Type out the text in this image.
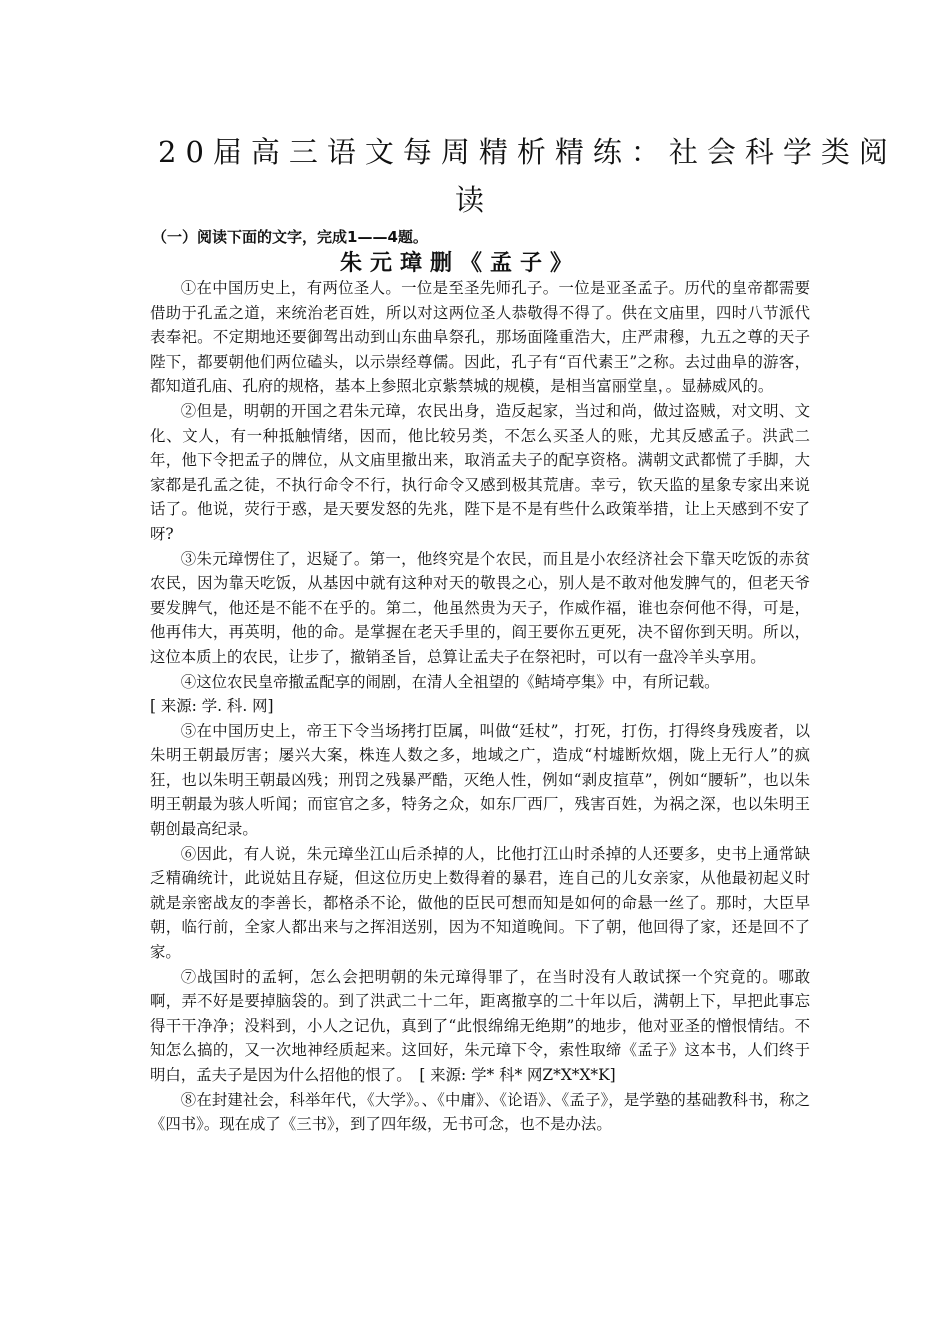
20届高三语文每周精析精练：社会科学类阅
读
（一）阅读下面的文字，完成1——4题。
朱元璋删《孟子》

①在中国历史上，有两位圣人。一位是至圣先师孔子。一位是亚圣孟子。历代的皇帝都需要借助于孔孟之道，来统治老百姓，所以对这两位圣人恭敬得不得了。供在文庙里，四时八节派代表奉祀。不定期地还要御驾出动到山东曲阜祭孔，那场面隆重浩大，庄严肃穆，九五之尊的天子陛下，都要朝他们两位磕头，以示崇经尊儒。因此，孔子有“百代素王”之称。去过曲阜的游客，都知道孔庙、孔府的规格，基本上参照北京紫禁城的规模，是相当富丽堂皇，。显赫威风的。

②但是，明朝的开国之君朱元璋，农民出身，造反起家，当过和尚，做过盗贼，对文明、文化、文人，有一种抵触情绪，因而，他比较另类，不怎么买圣人的账，尤其反感孟子。洪武二年，他下令把孟子的牌位，从文庙里撤出来，取消孟夫子的配享资格。满朝文武都慌了手脚，大家都是孔孟之徒，不执行命令不行，执行命令又感到极其荒唐。幸亏，钦天监的星象专家出来说话了。他说，荧行于惑，是天要发怒的先兆，陛下是不是有些什么政策举措，让上天感到不安了呀?

③朱元璋愣住了，迟疑了。第一，他终究是个农民，而且是小农经济社会下靠天吃饭的赤贫农民，因为靠天吃饭，从基因中就有这种对天的敬畏之心，别人是不敢对他发脾气的，但老天爷要发脾气，他还是不能不在乎的。第二，他虽然贵为天子，作威作福，谁也奈何他不得，可是，他再伟大，再英明，他的命。是掌握在老天手里的，阎王要你五更死，决不留你到天明。所以，这位本质上的农民，让步了，撤销圣旨，总算让孟夫子在祭祀时，可以有一盘冷羊头享用。

④这位农民皇帝撤孟配享的闹剧，在清人全祖望的《鲒埼亭集》中，有所记载。

[ 来源: 学. 科. 网]

⑤在中国历史上，帝王下令当场拷打臣属，叫做“廷杖”，打死，打伤，打得终身残废者，以朱明王朝最厉害；屡兴大案，株连人数之多，地域之广，造成“村墟断炊烟，陇上无行人”的疯狂，也以朱明王朝最凶残；刑罚之残暴严酷，灭绝人性，例如“剥皮揎草”，例如“腰斩”，也以朱明王朝最为骇人听闻；而宦官之多，特务之众，如东厂西厂，残害百姓，为祸之深，也以朱明王朝创最高纪录。

⑥因此，有人说，朱元璋坐江山后杀掉的人，比他打江山时杀掉的人还要多，史书上通常缺乏精确统计，此说姑且存疑，但这位历史上数得着的暴君，连自己的儿女亲家，从他最初起义时就是亲密战友的李善长，都格杀不论，做他的臣民可想而知是如何的命悬一丝了。那时，大臣早朝，临行前，全家人都出来与之挥泪送别，因为不知道晚间。下了朝，他回得了家，还是回不了家。

⑦战国时的孟轲，怎么会把明朝的朱元璋得罪了，在当时没有人敢试探一个究竟的。哪敢啊，弄不好是要掉脑袋的。到了洪武二十二年，距离撤享的二十年以后，满朝上下，早把此事忘得干干净净；没料到，小人之记仇，真到了“此恨绵绵无绝期”的地步，他对亚圣的憎恨情结。不知怎么搞的，又一次地神经质起来。这回好，朱元璋下令，索性取缔《孟子》这本书，人们终于明白，孟夫子是因为什么招他的恨了。　[ 来源: 学* 科* 网Z*X*X*K]

⑧在封建社会，科举年代，《大学》。、《中庸》、《论语》、《孟子》，是学塾的基础教科书，称之《四书》。现在成了《三书》，到了四年级，无书可念，也不是办法。
